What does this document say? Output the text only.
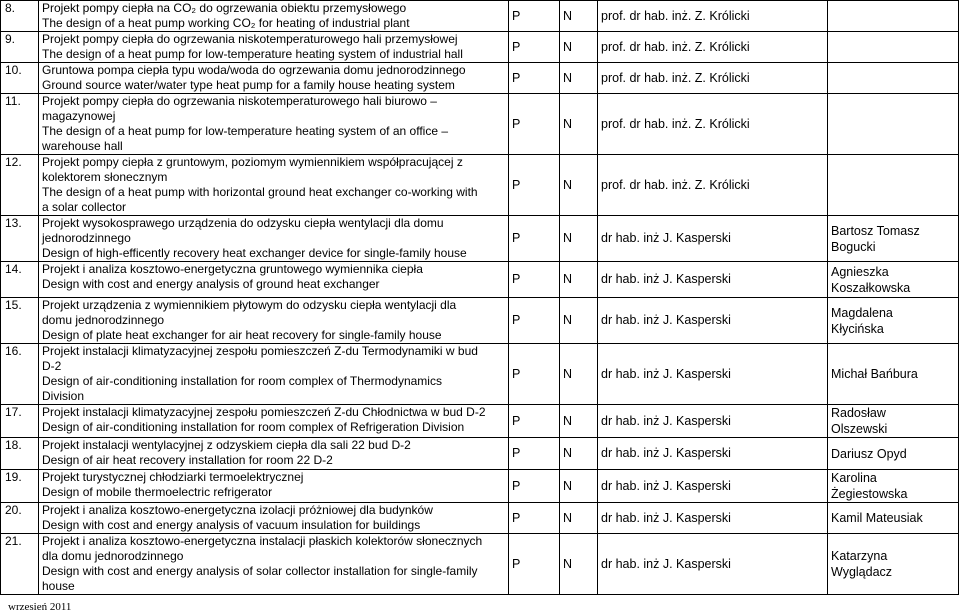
8.	Projekt pompy ciepła na CO₂ do ogrzewania obiektu przemysłowego
The design of a heat pump working CO₂ for heating of industrial plant	P	N	prof. dr hab. inż. Z. Królicki	
9.	Projekt pompy ciepła do ogrzewania niskotemperaturowego hali przemysłowej
The design of a heat pump for low-temperature heating system of industrial hall	P	N	prof. dr hab. inż. Z. Królicki	
10.	Gruntowa pompa ciepła typu woda/woda do ogrzewania domu jednorodzinnego
Ground source water/water type heat pump for a family house heating system	P	N	prof. dr hab. inż. Z. Królicki	
11.	Projekt pompy ciepła do ogrzewania niskotemperaturowego hali biurowo –
magazynowej
The design of a heat pump for low-temperature heating system of an office –
warehouse hall	P	N	prof. dr hab. inż. Z. Królicki	
12.	Projekt pompy ciepła z gruntowym, poziomym wymiennikiem współpracującej z
kolektorem słonecznym
The design of a heat pump with horizontal ground heat exchanger co-working with
a solar collector	P	N	prof. dr hab. inż. Z. Królicki	
13.	Projekt wysokosprawego urządzenia do odzysku ciepła wentylacji dla domu
jednorodzinnego
Design of high-efficently recovery heat exchanger device for single-family house	P	N	dr hab. inż J. Kasperski	Bartosz Tomasz
Bogucki

14.	Projekt i analiza kosztowo-energetyczna gruntowego wymiennika ciepła
Design with cost and energy analysis of ground heat exchanger	P	N	dr hab. inż J. Kasperski	Agnieszka
Koszałkowska

15.	Projekt urządzenia z wymiennikiem płytowym do odzysku ciepła wentylacji dla
domu jednorodzinnego
Design of plate heat exchanger for air heat recovery for single-family house	P	N	dr hab. inż J. Kasperski	Magdalena
Kłycińska

16.	Projekt instalacji klimatyzacyjnej zespołu pomieszczeń Z-du Termodynamiki w bud
D-2
Design of air-conditioning installation for room complex of Thermodynamics
Division	P	N	dr hab. inż J. Kasperski	Michał Bańbura

17.	Projekt instalacji klimatyzacyjnej zespołu pomieszczeń Z-du Chłodnictwa w bud D-2
Design of air-conditioning installation for room complex of Refrigeration Division	P	N	dr hab. inż J. Kasperski	Radosław
Olszewski

18.	Projekt instalacji wentylacyjnej z odzyskiem ciepła dla sali 22 bud D-2
Design of air heat recovery installation for room 22 D-2	P	N	dr hab. inż J. Kasperski	Dariusz Opyd

19.	Projekt turystycznej chłodziarki termoelektrycznej
Design of mobile thermoelectric refrigerator	P	N	dr hab. inż J. Kasperski	Karolina
Żegiestowska

20.	Projekt i analiza kosztowo-energetyczna izolacji próżniowej dla budynków
Design with cost and energy analysis of vacuum insulation for buildings	P	N	dr hab. inż J. Kasperski	Kamil Mateusiak

21.	Projekt i analiza kosztowo-energetyczna instalacji płaskich kolektorów słonecznych
dla domu jednorodzinnego
Design with cost and energy analysis of solar collector installation for single-family
house	P	N	dr hab. inż J. Kasperski	Katarzyna
Wyglądacz
wrzesień 2011
